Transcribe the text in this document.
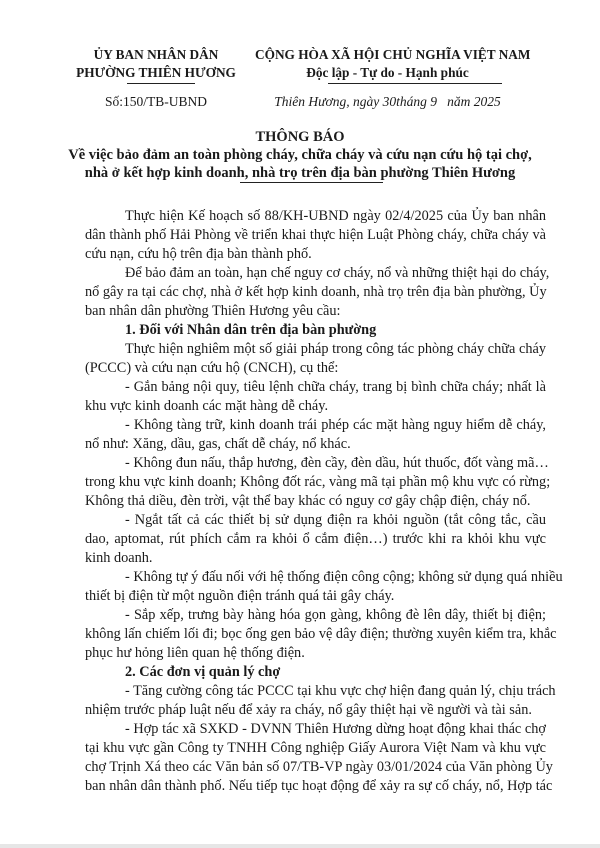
ỦY BAN NHÂN DÂN
PHƯỜNG THIÊN HƯƠNG
CỘNG HÒA XÃ HỘI CHỦ NGHĨA VIỆT NAM
Độc lập - Tự do - Hạnh phúc
Số:150/TB-UBND	Thiên Hương, ngày 30tháng 9   năm 2025
THÔNG BÁO
Về việc bảo đảm an toàn phòng cháy, chữa cháy và cứu nạn cứu hộ tại chợ,
nhà ở kết hợp kinh doanh, nhà trọ trên địa bàn phường Thiên Hương
Thực hiện Kế hoạch số 88/KH-UBND ngày 02/4/2025 của Ủy ban nhân
dân thành phố Hải Phòng về triển khai thực hiện Luật Phòng cháy, chữa cháy và
cứu nạn, cứu hộ trên địa bàn thành phố.
Để bảo đảm an toàn, hạn chế nguy cơ cháy, nổ và những thiệt hại do cháy,
nổ gây ra tại các chợ, nhà ở kết hợp kinh doanh, nhà trọ trên địa bàn phường, Ủy
ban nhân dân phường Thiên Hương yêu cầu:
1. Đối với Nhân dân trên địa bàn phường
Thực hiện nghiêm một số giải pháp trong công tác phòng cháy chữa cháy
(PCCC) và cứu nạn cứu hộ (CNCH), cụ thể:
- Gắn bảng nội quy, tiêu lệnh chữa cháy, trang bị bình chữa cháy; nhất là
khu vực kinh doanh các mặt hàng dễ cháy.
- Không tàng trữ, kinh doanh trái phép các mặt hàng nguy hiểm dễ cháy,
nổ như: Xăng, dầu, gas, chất dễ cháy, nổ khác.
- Không đun nấu, thắp hương, đèn cầy, đèn dầu, hút thuốc, đốt vàng mã…
trong khu vực kinh doanh; Không đốt rác, vàng mã tại phần mộ khu vực có rừng;
Không thả diều, đèn trời, vật thể bay khác có nguy cơ gây chập điện, cháy nổ.
- Ngắt tất cả các thiết bị sử dụng điện ra khỏi nguồn (tắt công tắc, cầu
dao, aptomat, rút phích cắm ra khỏi ổ cắm điện…) trước khi ra khỏi khu vực
kinh doanh.
- Không tự ý đấu nối với hệ thống điện công cộng; không sử dụng quá nhiều
thiết bị điện từ một nguồn điện tránh quá tải gây cháy.
- Sắp xếp, trưng bày hàng hóa gọn gàng, không đè lên dây, thiết bị điện;
không lấn chiếm lối đi; bọc ống gen bảo vệ dây điện; thường xuyên kiểm tra, khắc
phục hư hỏng liên quan hệ thống điện.
2. Các đơn vị quản lý chợ
- Tăng cường công tác PCCC tại khu vực chợ hiện đang quản lý, chịu trách
nhiệm trước pháp luật nếu để xảy ra cháy, nổ gây thiệt hại về người và tài sản.
- Hợp tác xã SXKD - DVNN Thiên Hương dừng hoạt động khai thác chợ
tại khu vực gần Công ty TNHH Công nghiệp Giấy Aurora Việt Nam và khu vực
chợ Trịnh Xá theo các Văn bản số 07/TB-VP ngày 03/01/2024 của Văn phòng Ủy
ban nhân dân thành phố. Nếu tiếp tục hoạt động để xảy ra sự cố cháy, nổ, Hợp tác
